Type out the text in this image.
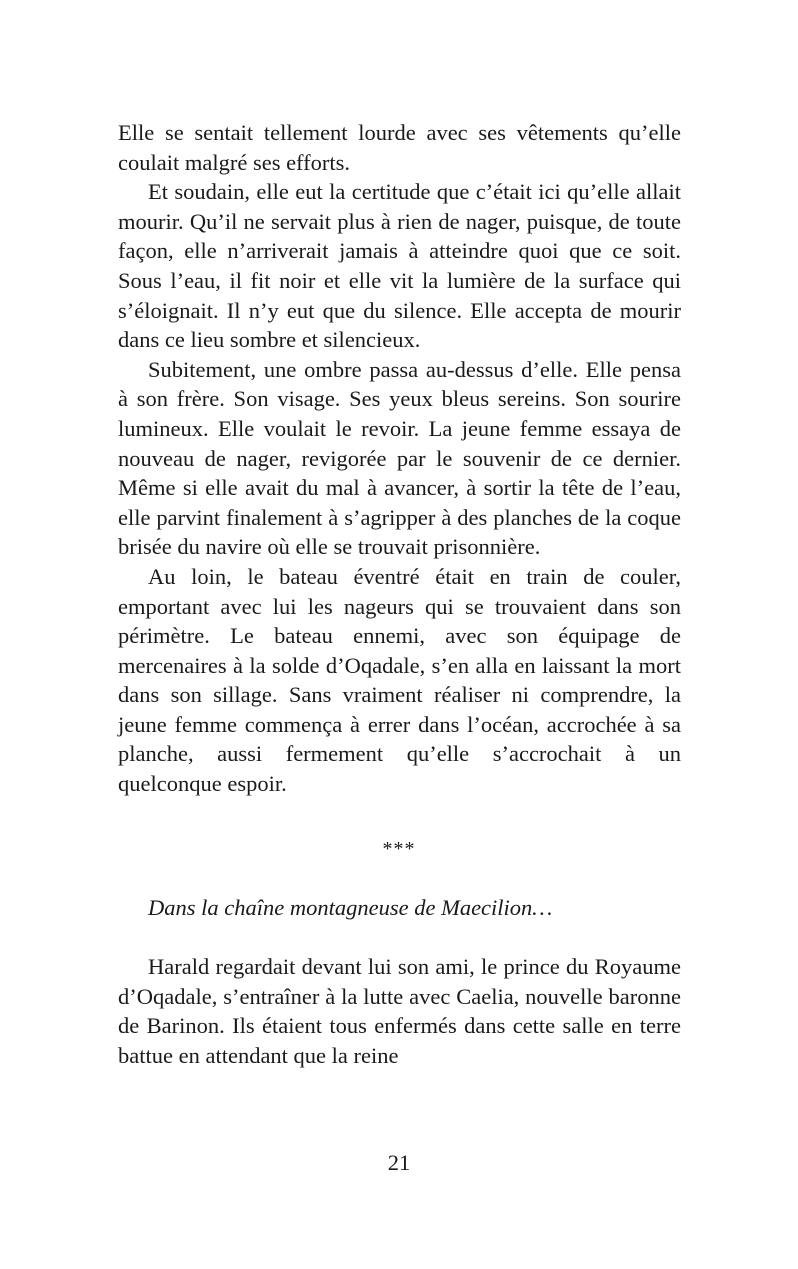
Elle se sentait tellement lourde avec ses vêtements qu’elle coulait malgré ses efforts.

Et soudain, elle eut la certitude que c’était ici qu’elle allait mourir. Qu’il ne servait plus à rien de nager, puisque, de toute façon, elle n’arriverait jamais à atteindre quoi que ce soit. Sous l’eau, il fit noir et elle vit la lumière de la surface qui s’éloignait. Il n’y eut que du silence. Elle accepta de mourir dans ce lieu sombre et silencieux.

Subitement, une ombre passa au-dessus d’elle. Elle pensa à son frère. Son visage. Ses yeux bleus sereins. Son sourire lumineux. Elle voulait le revoir. La jeune femme essaya de nouveau de nager, revigorée par le souvenir de ce dernier. Même si elle avait du mal à avancer, à sortir la tête de l’eau, elle parvint finalement à s’agripper à des planches de la coque brisée du navire où elle se trouvait prisonnière.

Au loin, le bateau éventré était en train de couler, emportant avec lui les nageurs qui se trouvaient dans son périmètre. Le bateau ennemi, avec son équipage de mercenaires à la solde d’Oqadale, s’en alla en laissant la mort dans son sillage. Sans vraiment réaliser ni comprendre, la jeune femme commença à errer dans l’océan, accrochée à sa planche, aussi fermement qu’elle s’accrochait à un quelconque espoir.

***
Dans la chaîne montagneuse de Maecilion…

Harald regardait devant lui son ami, le prince du Royaume d’Oqadale, s’entraîner à la lutte avec Caelia, nouvelle baronne de Barinon. Ils étaient tous enfermés dans cette salle en terre battue en attendant que la reine

21
